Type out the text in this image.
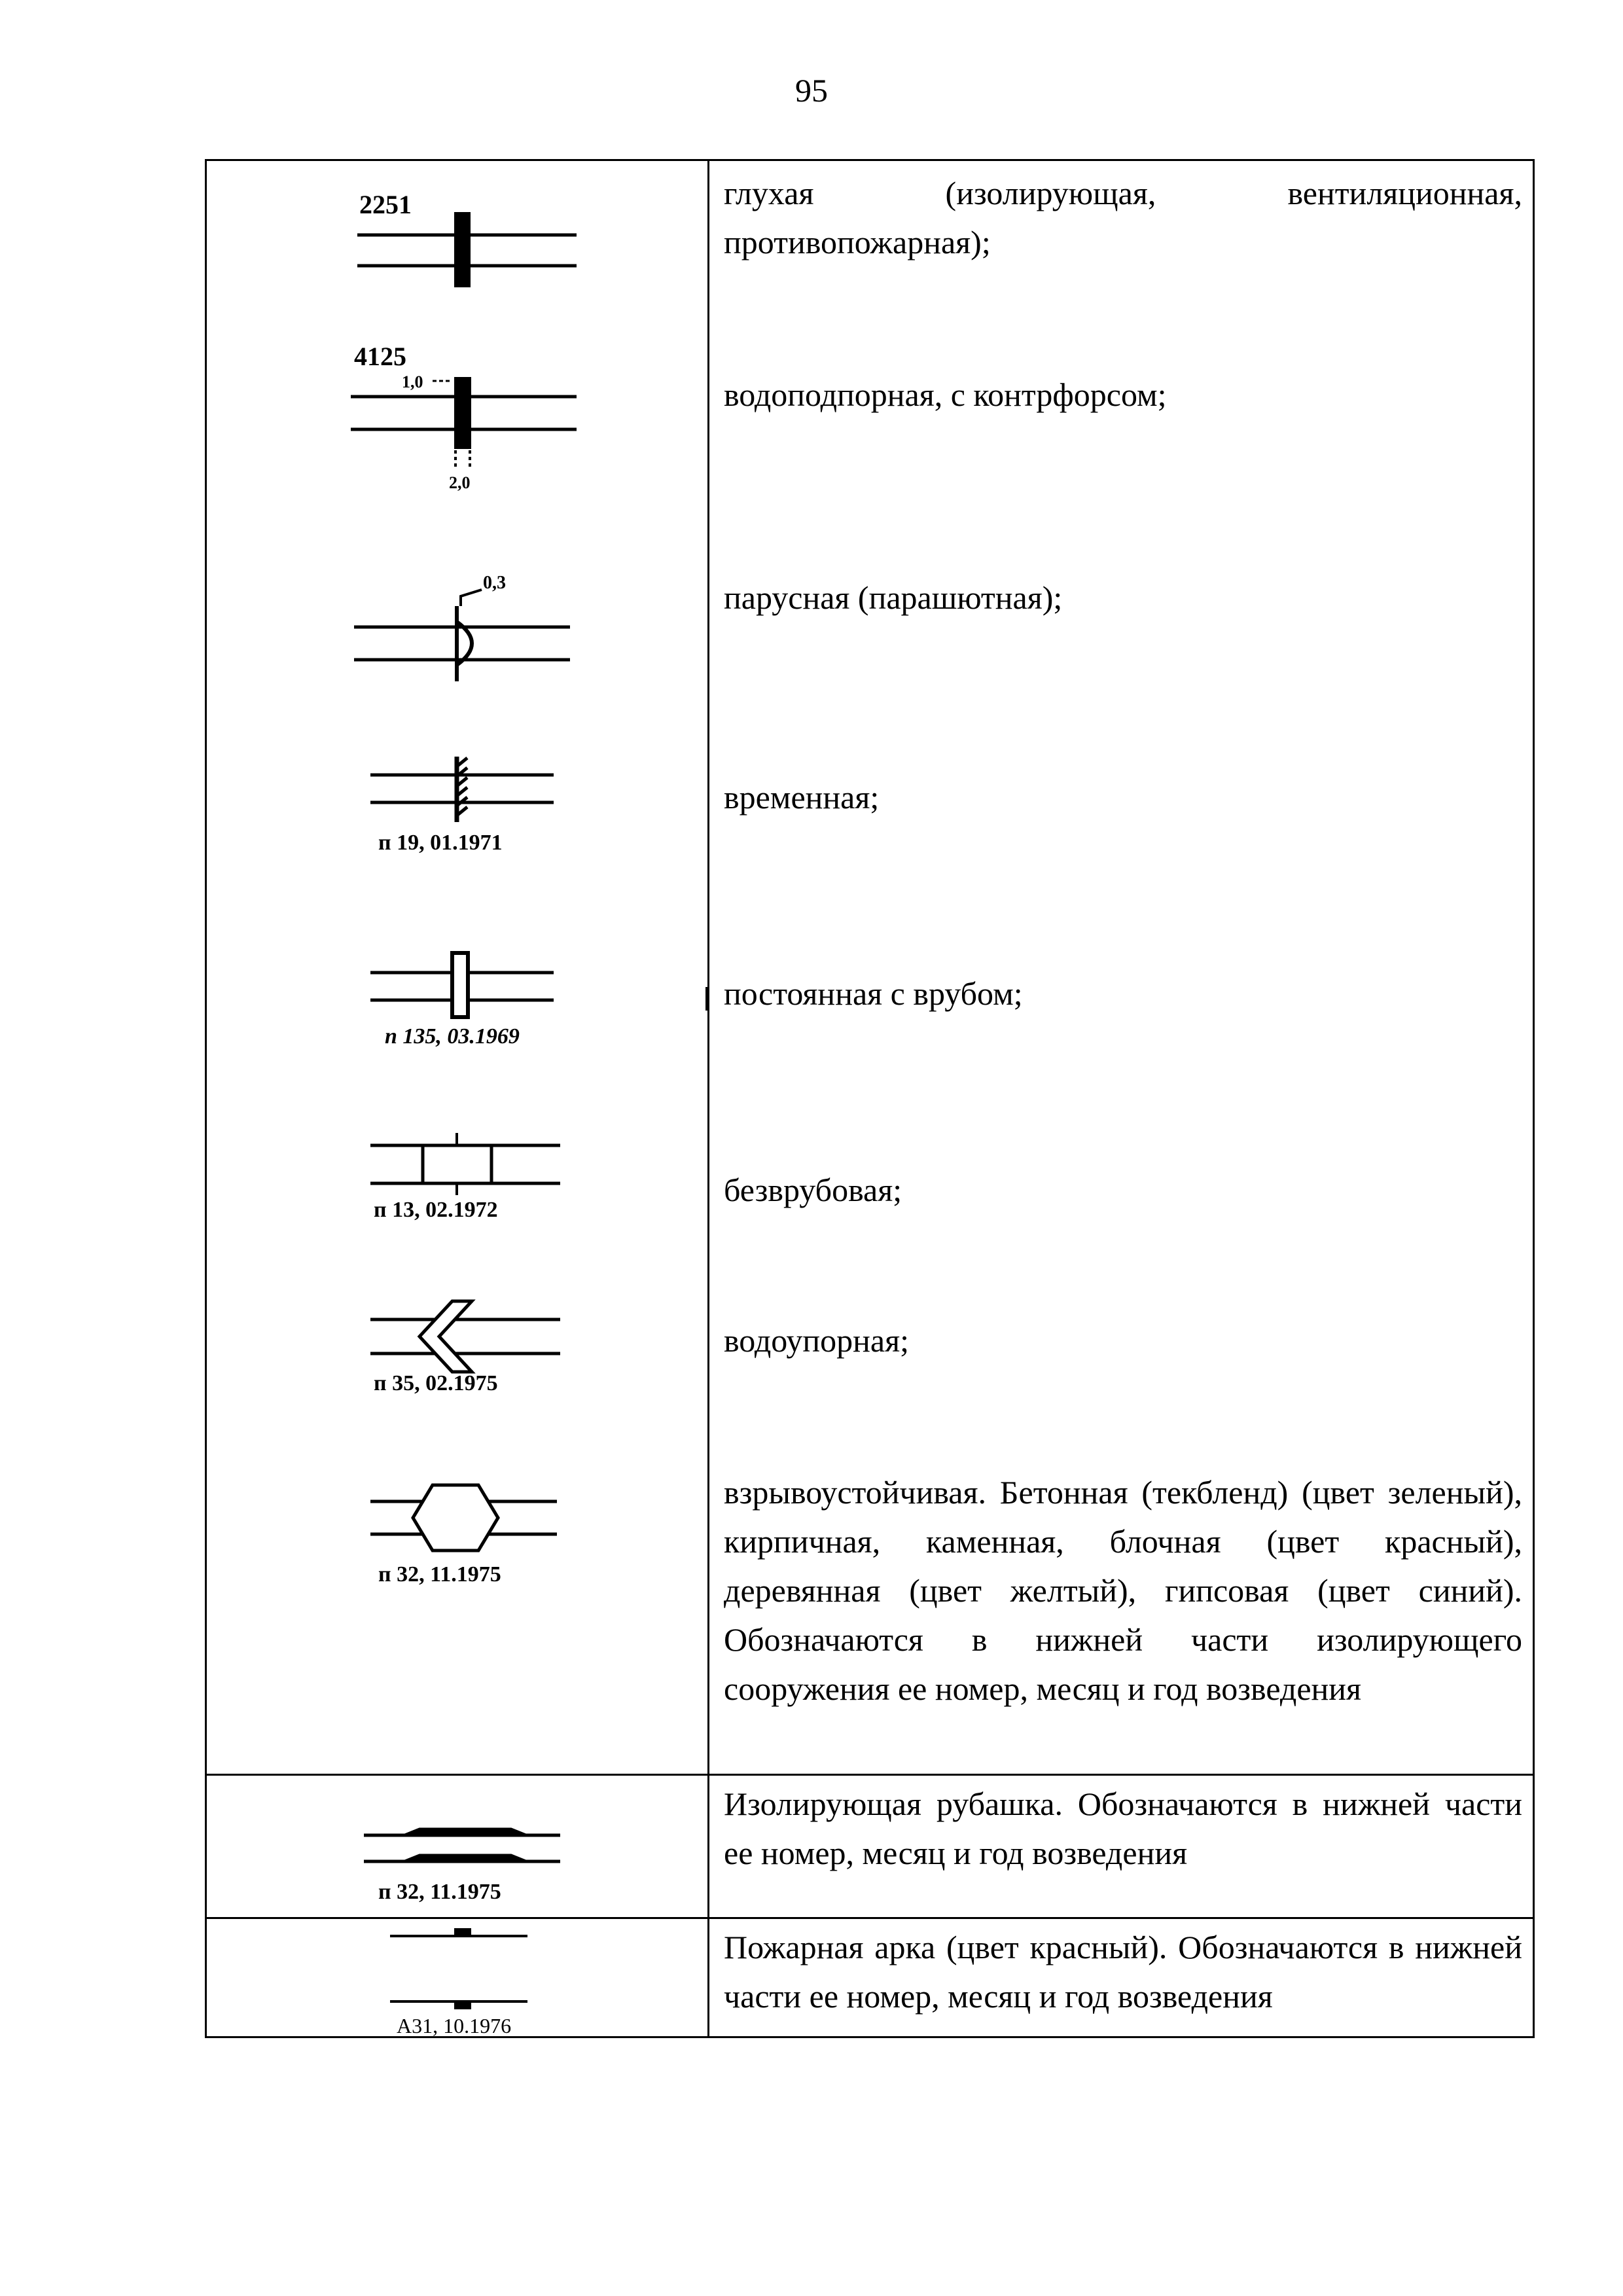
95
2251	глухая (изолирующая, вентиляционная, противопожарная);
4125
1,0
2,0
водоподпорная, с контрфорсом;
0,3	парусная (парашютная);
п 19, 01.1971
временная;
п 135, 03.1969
постоянная с врубом;
п 13, 02.1972
безврубовая;
п 35, 02.1975
водоупорная;
п 32, 11.1975
взрывоустойчивая. Бетонная (текбленд) (цвет зеленый), кирпичная, каменная, блочная (цвет красный), деревянная (цвет желтый), гипсовая (цвет синий). Обозначаются в нижней части изолирующего сооружения ее номер, месяц и год возведения
п 32, 11.1975
Изолирующая рубашка. Обозначаются в нижней части ее номер, месяц и год возведения
А31, 10.1976
Пожарная арка (цвет красный). Обозначаются в нижней части ее номер, месяц и год возведения
